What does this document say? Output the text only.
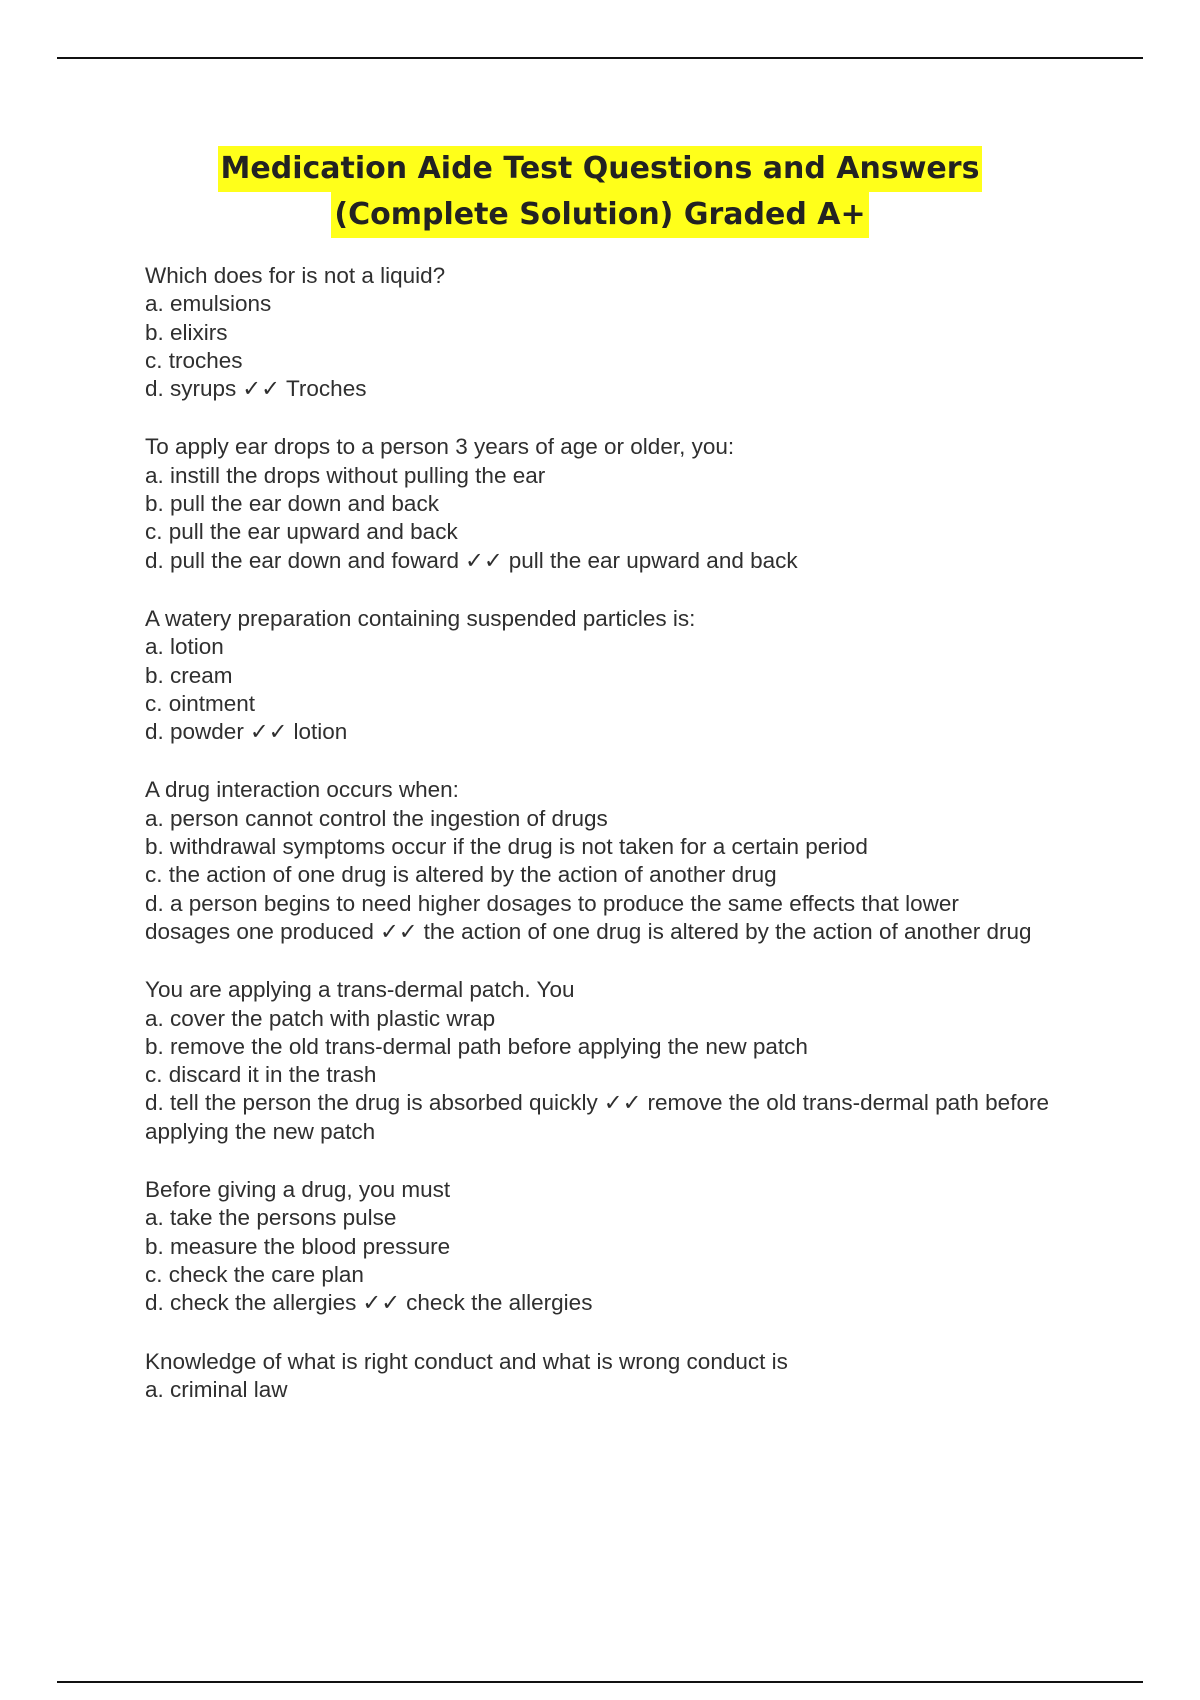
Medication Aide Test Questions and Answers
(Complete Solution) Graded A+
Which does for is not a liquid?
a. emulsions
b. elixirs
c. troches
d. syrups ✓✓ Troches
To apply ear drops to a person 3 years of age or older, you:
a. instill the drops without pulling the ear
b. pull the ear down and back
c. pull the ear upward and back
d. pull the ear down and foward ✓✓ pull the ear upward and back
A watery preparation containing suspended particles is:
a. lotion
b. cream
c. ointment
d. powder ✓✓ lotion
A drug interaction occurs when:
a. person cannot control the ingestion of drugs
b. withdrawal symptoms occur if the drug is not taken for a certain period
c. the action of one drug is altered by the action of another drug
d. a person begins to need higher dosages to produce the same effects that lower dosages one produced ✓✓ the action of one drug is altered by the action of another drug
You are applying a trans-dermal patch. You
a. cover the patch with plastic wrap
b. remove the old trans-dermal path before applying the new patch
c. discard it in the trash
d. tell the person the drug is absorbed quickly ✓✓ remove the old trans-dermal path before applying the new patch
Before giving a drug, you must
a. take the persons pulse
b. measure the blood pressure
c. check the care plan
d. check the allergies ✓✓ check the allergies
Knowledge of what is right conduct and what is wrong conduct is
a. criminal law
